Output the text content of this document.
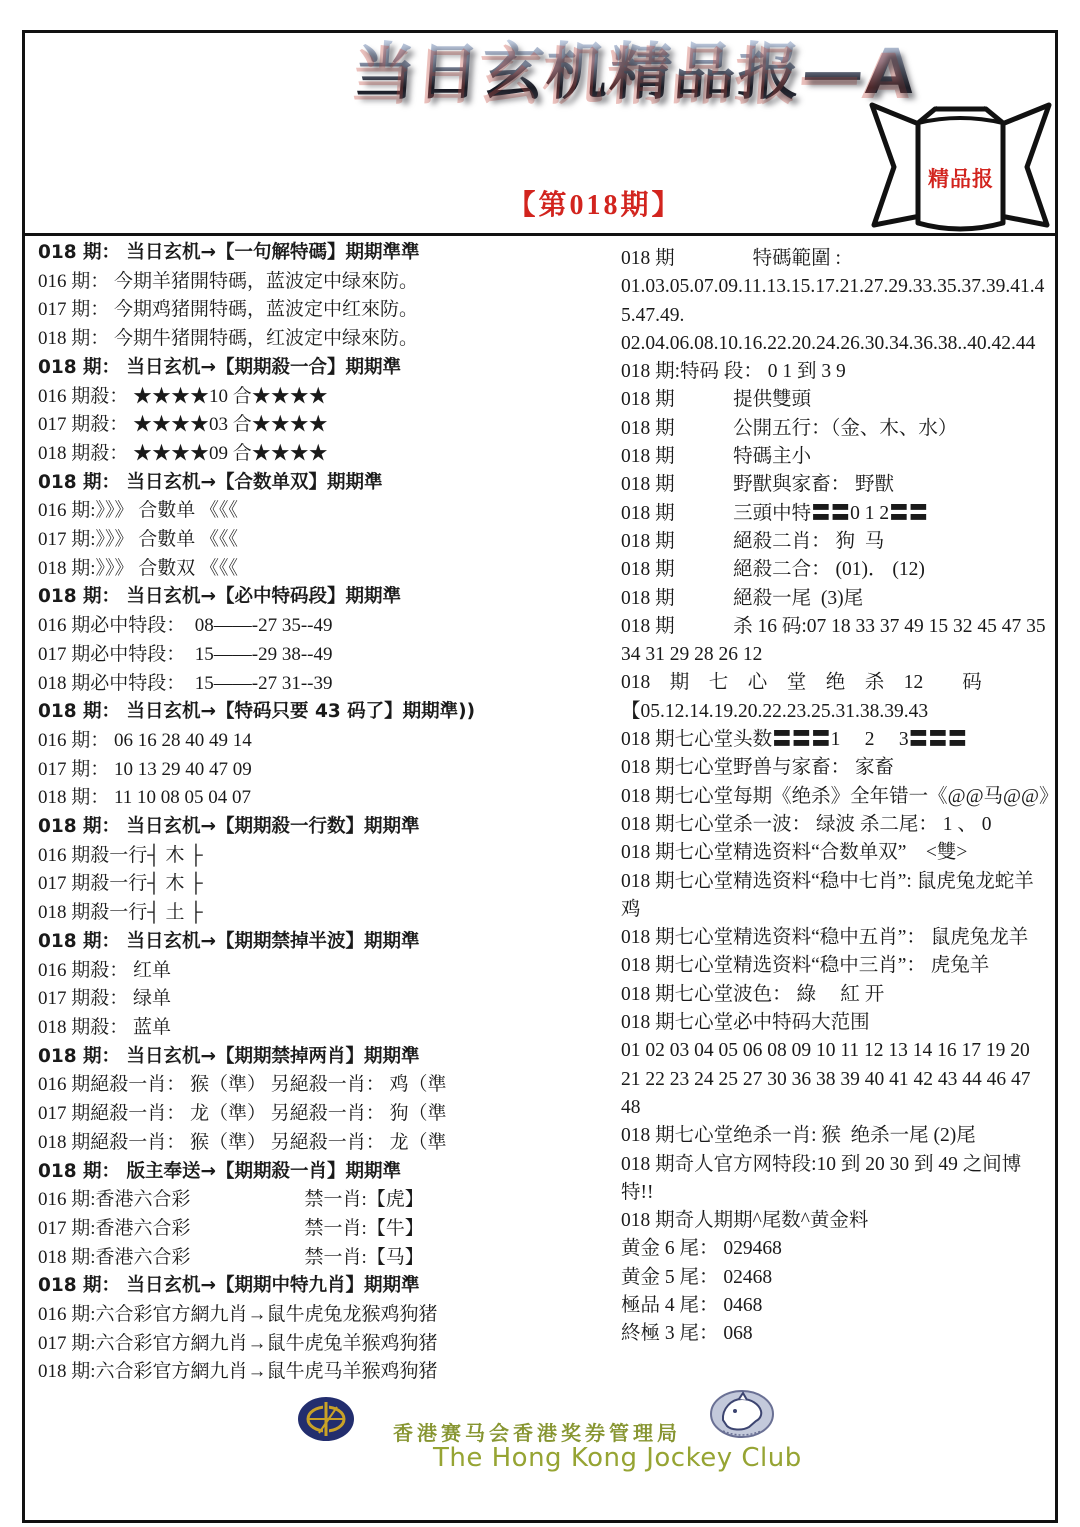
当日玄机精品报—A
【第018期】
精品报
018 期： 当日玄机→【一句解特碼】期期準準
016 期： 今期羊猪開特碼，蓝波定中绿來防。
017 期： 今期鸡猪開特碼，蓝波定中红來防。
018 期： 今期牛猪開特碼，红波定中绿來防。
018 期： 当日玄机→【期期殺一合】期期準
016 期殺： ★★★★10 合★★★★
017 期殺： ★★★★03 合★★★★
018 期殺： ★★★★09 合★★★★
018 期： 当日玄机→【合数单双】期期準
016 期:》》》 合數单 《《《
017 期:》》》 合數单 《《《
018 期:》》》 合數双 《《《
018 期： 当日玄机→【必中特码段】期期準
016 期必中特段：  08——-27 35--49
017 期必中特段：  15——-29 38--49
018 期必中特段：  15——-27 31--39
018 期： 当日玄机→【特码只要 43 码了】期期準))
016 期： 06 16 28 40 49 14
017 期： 10 13 29 40 47 09
018 期： 11 10 08 05 04 07
018 期： 当日玄机→【期期殺一行数】期期準
016 期殺一行┤ 木 ├
017 期殺一行┤ 木 ├
018 期殺一行┤ 土 ├
018 期： 当日玄机→【期期禁掉半波】期期準
016 期殺： 红单
017 期殺： 绿单
018 期殺： 蓝单
018 期： 当日玄机→【期期禁掉两肖】期期準
016 期絕殺一肖： 猴（準） 另絕殺一肖： 鸡（準
017 期絕殺一肖： 龙（準） 另絕殺一肖： 狗（準
018 期絕殺一肖： 猴（準） 另絕殺一肖： 龙（準
018 期： 版主奉送→【期期殺一肖】期期準
016 期:香港六合彩　　　　　　禁一肖:【虎】
017 期:香港六合彩　　　　　　禁一肖:【牛】
018 期:香港六合彩　　　　　　禁一肖:【马】
018 期： 当日玄机→【期期中特九肖】期期準
016 期:六合彩官方網九肖→鼠牛虎兔龙猴鸡狗猪
017 期:六合彩官方網九肖→鼠牛虎兔羊猴鸡狗猪
018 期:六合彩官方網九肖→鼠牛虎马羊猴鸡狗猪
018 期　　　　特碼範圍 :
01.03.05.07.09.11.13.15.17.21.27.29.33.35.37.39.41.4
5.47.49.
02.04.06.08.10.16.22.20.24.26.30.34.36.38..40.42.44
018 期:特码 段： 0 1 到 3 9
018 期　　　提供雙頭
018 期　　　公開五行：（金、木、水）
018 期　　　特碼主小
018 期　　　野獸與家畜： 野獸
018 期　　　三頭中特〓〓0 1 2〓〓
018 期　　　絕殺二肖： 狗  马
018 期　　　絕殺二合： (01)． (12)
018 期　　　絕殺一尾  (3)尾
018 期　　　杀 16 码:07 18 33 37 49 15 32 45 47 35
34 31 29 28 26 12
018　期　七　心　堂　绝　杀　12　　码
【05.12.14.19.20.22.23.25.31.38.39.43
018 期七心堂头数〓〓〓1　 2　 3〓〓〓
018 期七心堂野兽与家畜： 家畜
018 期七心堂每期《绝杀》全年错一《@@马@@》
018 期七心堂杀一波： 绿波 杀二尾： 1 、 0
018 期七心堂精选资料“合数单双”　<雙>
018 期七心堂精选资料“稳中七肖”: 鼠虎兔龙蛇羊
鸡
018 期七心堂精选资料“稳中五肖”： 鼠虎兔龙羊
018 期七心堂精选资料“稳中三肖”： 虎兔羊
018 期七心堂波色： 綠　 紅 开
018 期七心堂必中特码大范围
01 02 03 04 05 06 08 09 10 11 12 13 14 16 17 19 20
21 22 23 24 25 27 30 36 38 39 40 41 42 43 44 46 47
48
018 期七心堂绝杀一肖: 猴  绝杀一尾 (2)尾
018 期奇人官方网特段:10 到 20 30 到 49 之间博
特!!
018 期奇人期期^尾数^黄金料
黄金 6 尾： 029468
黄金 5 尾： 02468
極品 4 尾： 0468
終極 3 尾： 068
香港赛马会香港奖券管理局
The Hong Kong Jockey Club
